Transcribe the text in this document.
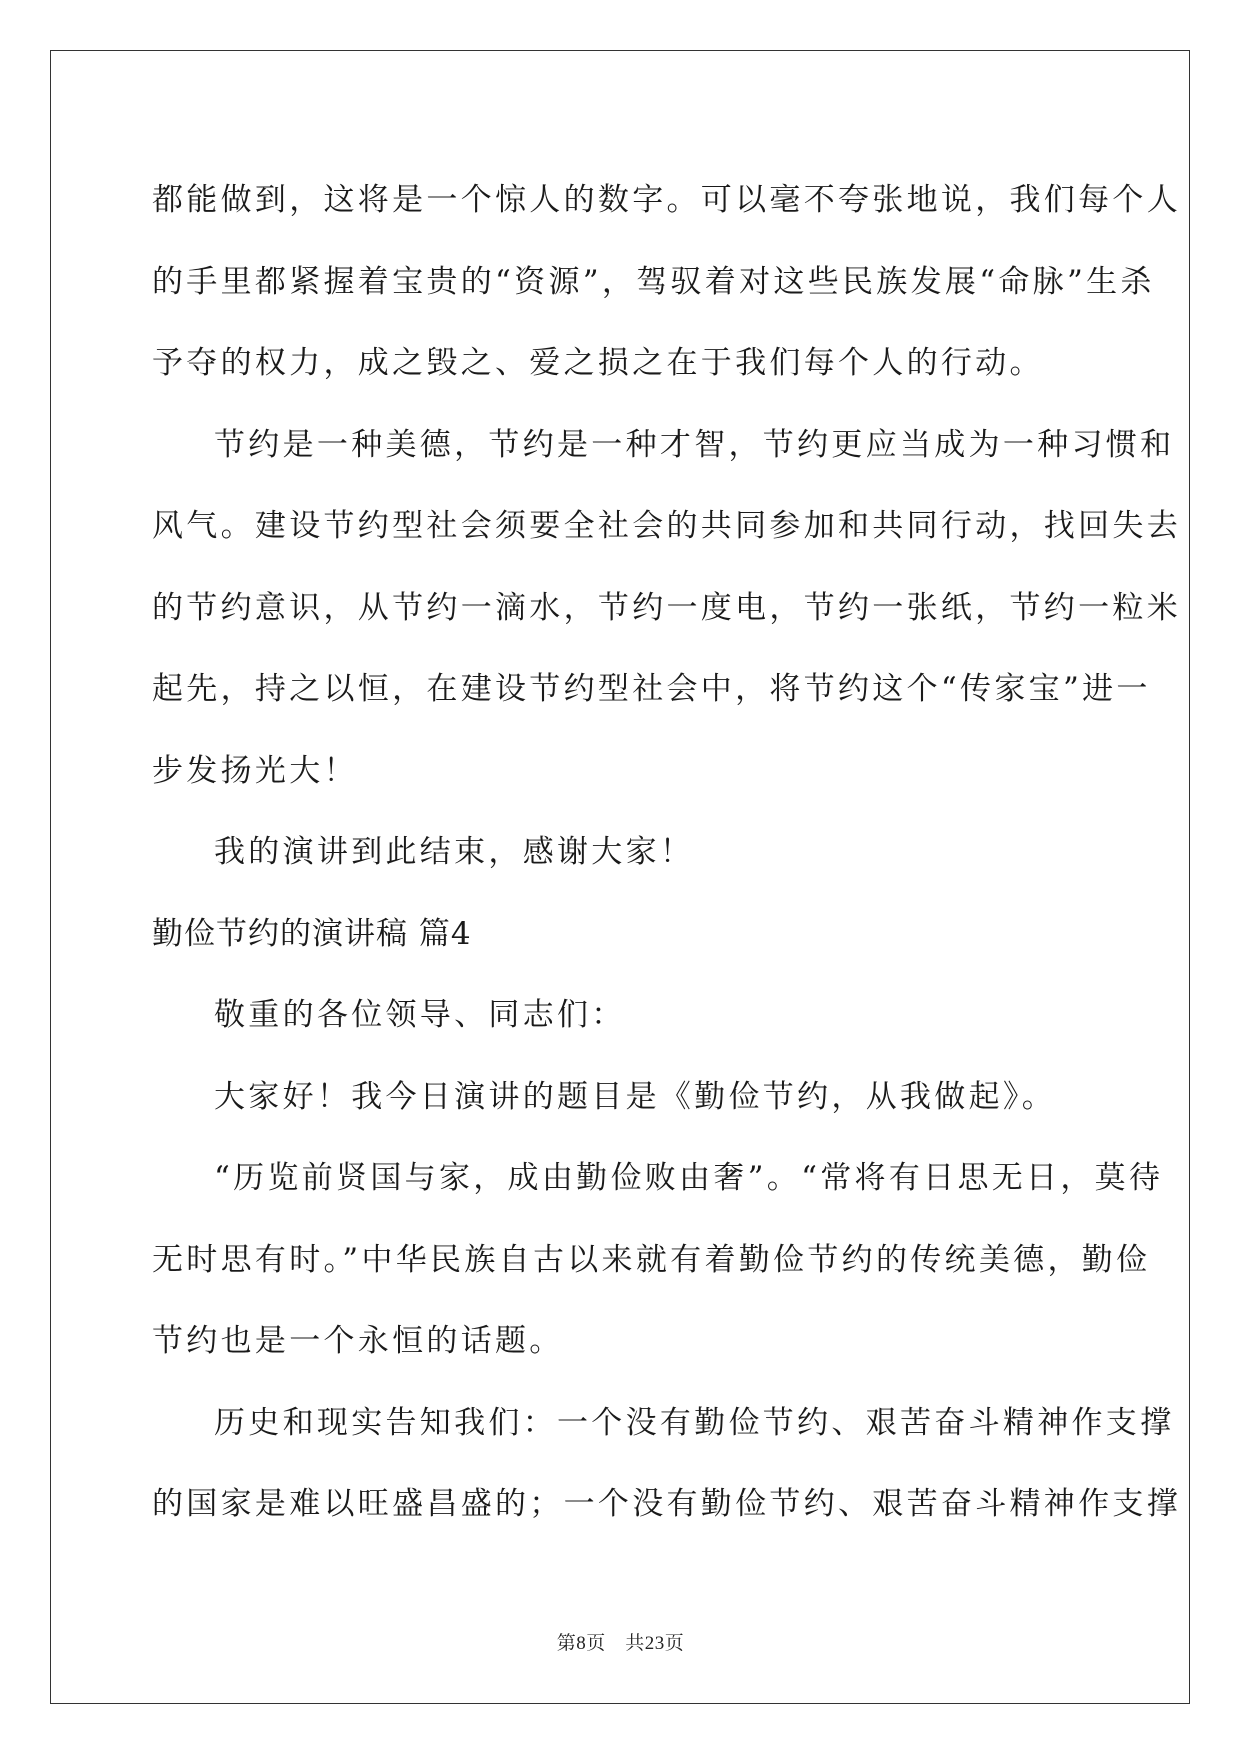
都能做到，这将是一个惊人的数字。可以毫不夸张地说，我们每个人
的手里都紧握着宝贵的“资源”，驾驭着对这些民族发展“命脉”生杀
予夺的权力，成之毁之、爱之损之在于我们每个人的行动。
节约是一种美德，节约是一种才智，节约更应当成为一种习惯和
风气。建设节约型社会须要全社会的共同参加和共同行动，找回失去
的节约意识，从节约一滴水，节约一度电，节约一张纸，节约一粒米
起先，持之以恒，在建设节约型社会中，将节约这个“传家宝”进一
步发扬光大！
我的演讲到此结束，感谢大家！
勤俭节约的演讲稿 篇4
敬重的各位领导、同志们：
大家好！我今日演讲的题目是《勤俭节约，从我做起》。
“历览前贤国与家，成由勤俭败由奢”。“常将有日思无日，莫待
无时思有时。”中华民族自古以来就有着勤俭节约的传统美德，勤俭
节约也是一个永恒的话题。
历史和现实告知我们：一个没有勤俭节约、艰苦奋斗精神作支撑
的国家是难以旺盛昌盛的；一个没有勤俭节约、艰苦奋斗精神作支撑
第8页　共23页
